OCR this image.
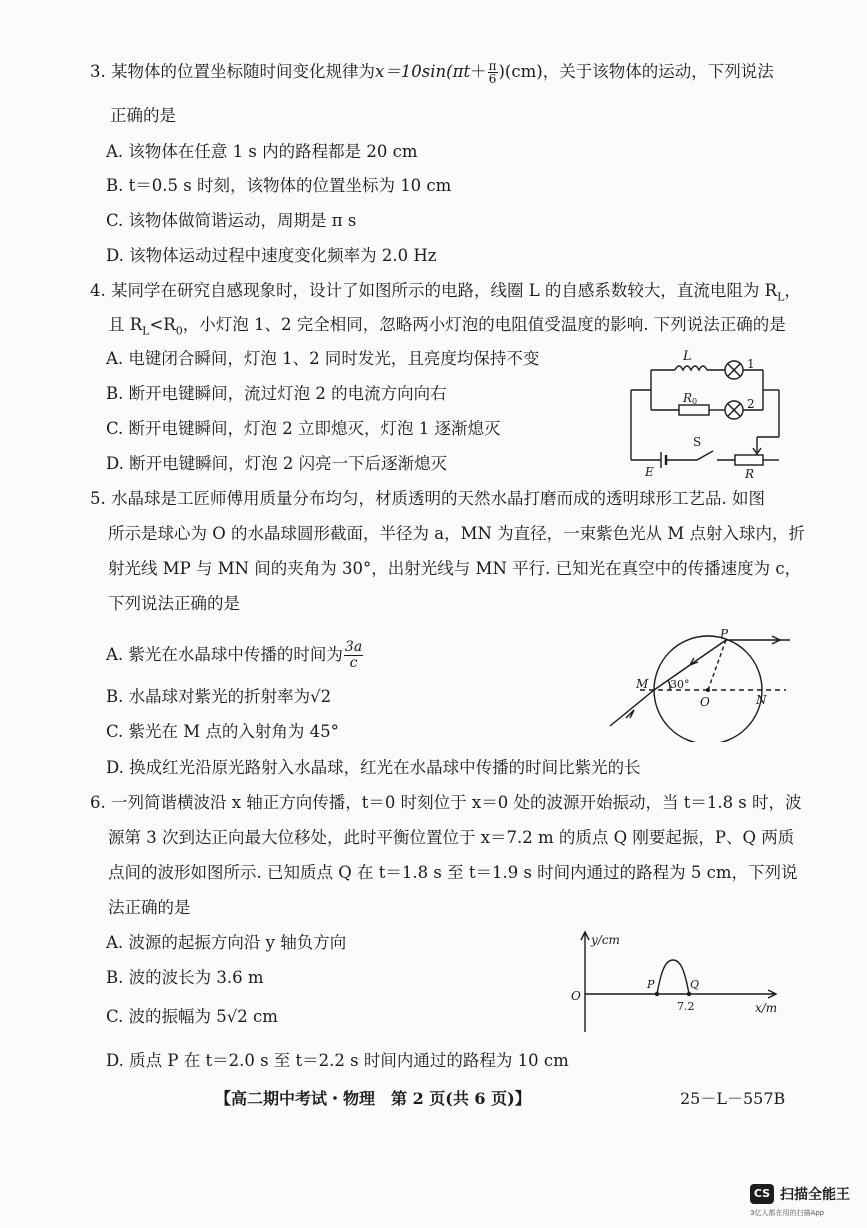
3. 某物体的位置坐标随时间变化规律为$x=10\sin(\pi t+ \frac{\pi}{6} )(cm)$，关于该物体的运动，下列说法
正确的是
A. 该物体在任意 1 s 内的路程都是 20 cm
B. t＝0.5 s 时刻，该物体的位置坐标为 10 cm
C. 该物体做简谐运动，周期是 π s
D. 该物体运动过程中速度变化频率为 2.0 Hz
4. 某同学在研究自感现象时，设计了如图所示的电路，线圈 L 的自感系数较大，直流电阻为 $R_L$，
且 $R_L<R_0$，小灯泡 1、2 完全相同，忽略两小灯泡的电阻值受温度的影响. 下列说法正确的是
A. 电键闭合瞬间，灯泡 1、2 同时发光，且亮度均保持不变
B. 断开电键瞬间，流过灯泡 2 的电流方向向右
C. 断开电键瞬间，灯泡 2 立即熄灭，灯泡 1 逐渐熄灭
D. 断开电键瞬间，灯泡 2 闪亮一下后逐渐熄灭
L
R 0
1
2
S
E	R
5. 水晶球是工匠师傅用质量分布均匀，材质透明的天然水晶打磨而成的透明球形工艺品. 如图
所示是球心为 O 的水晶球圆形截面，半径为 a，MN 为直径，一束紫色光从 M 点射入球内，折
射光线 MP 与 MN 间的夹角为 30°，出射光线与 MN 平行. 已知光在真空中的传播速度为 c，
下列说法正确的是
A. 紫光在水晶球中传播的时间为 $\frac{3a}{c}$
B. 水晶球对紫光的折射率为√2
C. 紫光在 M 点的入射角为 45°
D. 换成红光沿原光路射入水晶球，红光在水晶球中传播的时间比紫光的长
P
M
O	N
30°
6. 一列简谐横波沿 x 轴正方向传播，t＝0 时刻位于 x＝0 处的波源开始振动，当 t＝1.8 s 时，波
源第 3 次到达正向最大位移处，此时平衡位置位于 x＝7.2 m 的质点 Q 刚要起振，P、Q 两质
点间的波形如图所示. 已知质点 Q 在 t＝1.8 s 至 t＝1.9 s 时间内通过的路程为 5 cm，下列说
法正确的是
A. 波源的起振方向沿 y 轴负方向
B. 波的波长为 3.6 m
C. 波的振幅为 5√2 cm
D. 质点 P 在 t＝2.0 s 至 t＝2.2 s 时间内通过的路程为 10 cm
y/cm
x/m
O
P	Q
7.2
【高二期中考试・物理　第 2 页(共 6 页)】	25－L－557B
CS 扫描全能王
3亿人都在用的扫描App
